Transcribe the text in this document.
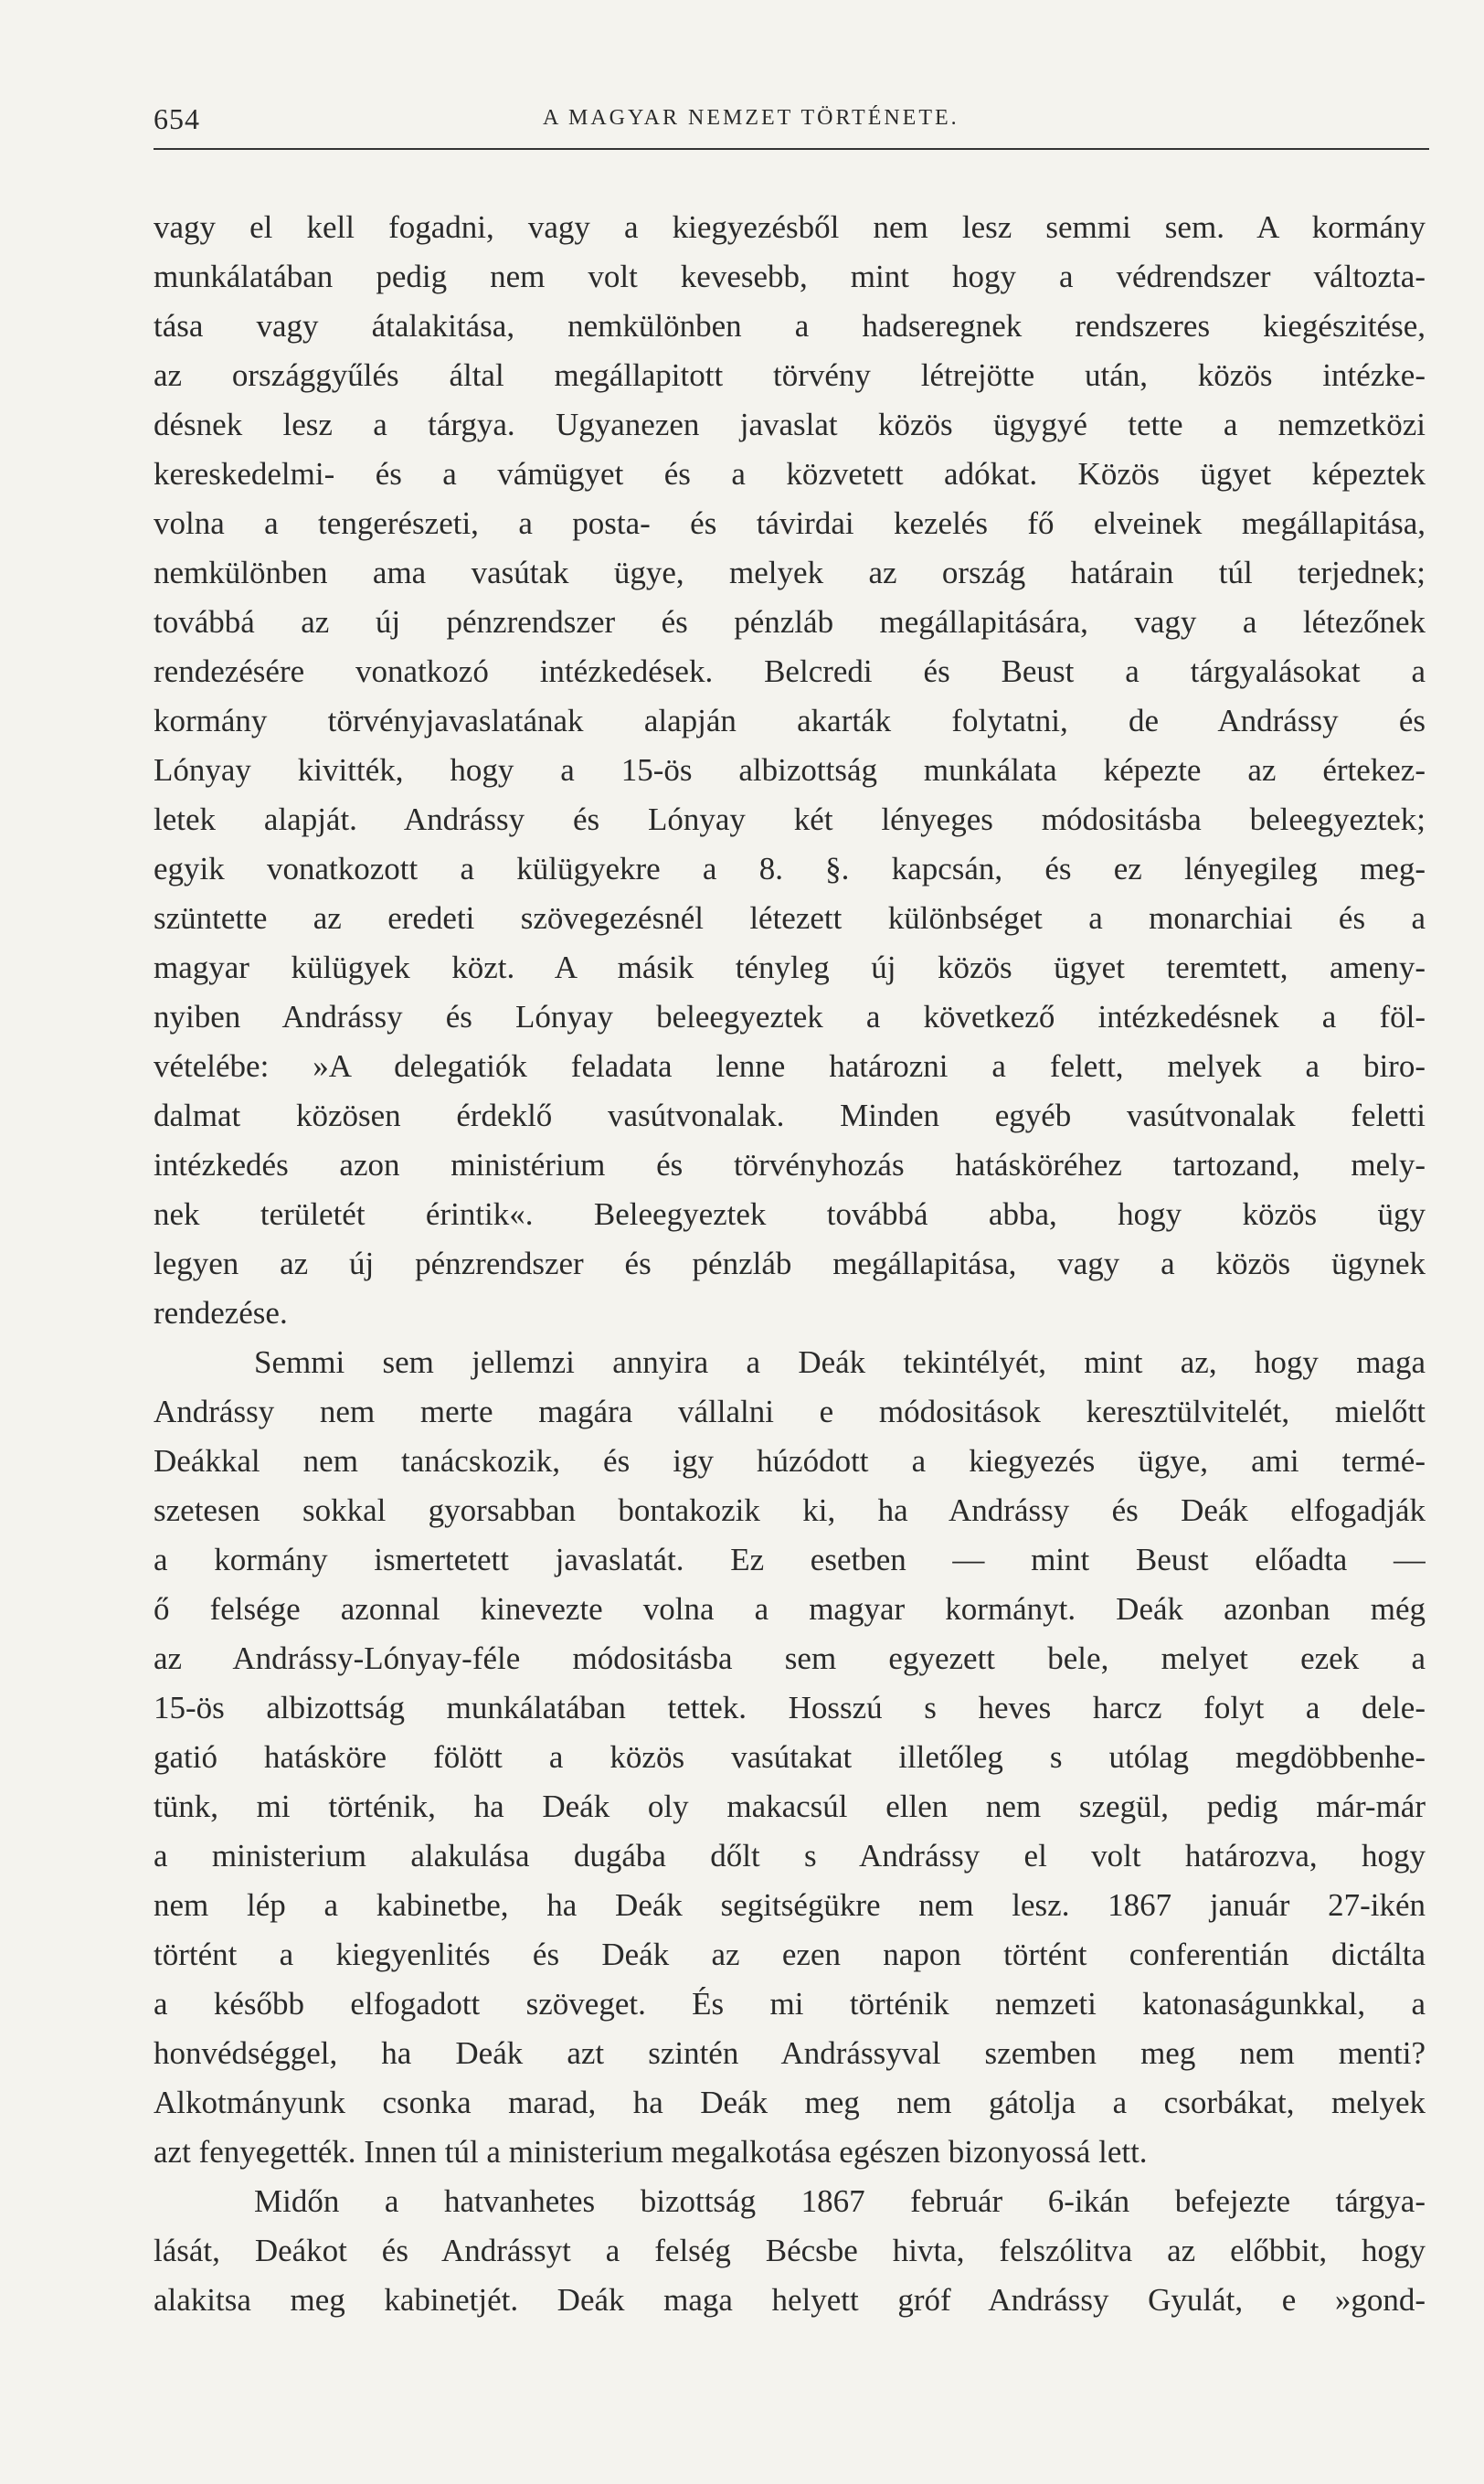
654	A MAGYAR NEMZET TÖRTÉNETE.
vagy el kell fogadni, vagy a kiegyezésből nem lesz semmi sem. A kormány
munkálatában pedig nem volt kevesebb, mint hogy a védrendszer változta-
tása vagy átalakitása, nemkülönben a hadseregnek rendszeres kiegészitése,
az országgyűlés által megállapitott törvény létrejötte után, közös intézke-
désnek lesz a tárgya. Ugyanezen javaslat közös ügygyé tette a nemzetközi
kereskedelmi- és a vámügyet és a közvetett adókat. Közös ügyet képeztek
volna a tengerészeti, a posta- és távirdai kezelés fő elveinek megállapitása,
nemkülönben ama vasútak ügye, melyek az ország határain túl terjednek;
továbbá az új pénzrendszer és pénzláb megállapitására, vagy a létezőnek
rendezésére vonatkozó intézkedések. Belcredi és Beust a tárgyalásokat a
kormány törvényjavaslatának alapján akarták folytatni, de Andrássy és
Lónyay kivitték, hogy a 15-ös albizottság munkálata képezte az értekez-
letek alapját. Andrássy és Lónyay két lényeges módositásba beleegyeztek;
egyik vonatkozott a külügyekre a 8. §. kapcsán, és ez lényegileg meg-
szüntette az eredeti szövegezésnél létezett különbséget a monarchiai és a
magyar külügyek közt. A másik tényleg új közös ügyet teremtett, ameny-
nyiben Andrássy és Lónyay beleegyeztek a következő intézkedésnek a föl-
vételébe: »A delegatiók feladata lenne határozni a felett, melyek a biro-
dalmat közösen érdeklő vasútvonalak. Minden egyéb vasútvonalak feletti
intézkedés azon ministérium és törvényhozás hatásköréhez tartozand, mely-
nek területét érintik«. Beleegyeztek továbbá abba, hogy közös ügy
legyen az új pénzrendszer és pénzláb megállapitása, vagy a közös ügynek
rendezése.
Semmi sem jellemzi annyira a Deák tekintélyét, mint az, hogy maga
Andrássy nem merte magára vállalni e módositások keresztülvitelét, mielőtt
Deákkal nem tanácskozik, és igy húzódott a kiegyezés ügye, ami termé-
szetesen sokkal gyorsabban bontakozik ki, ha Andrássy és Deák elfogadják
a kormány ismertetett javaslatát. Ez esetben — mint Beust előadta —
ő felsége azonnal kinevezte volna a magyar kormányt. Deák azonban még
az Andrássy-Lónyay-féle módositásba sem egyezett bele, melyet ezek a
15-ös albizottság munkálatában tettek. Hosszú s heves harcz folyt a dele-
gatió hatásköre fölött a közös vasútakat illetőleg s utólag megdöbbenhe-
tünk, mi történik, ha Deák oly makacsúl ellen nem szegül, pedig már-már
a ministerium alakulása dugába dőlt s Andrássy el volt határozva, hogy
nem lép a kabinetbe, ha Deák segitségükre nem lesz. 1867 január 27-ikén
történt a kiegyenlités és Deák az ezen napon történt conferentián dictálta
a később elfogadott szöveget. És mi történik nemzeti katonaságunkkal, a
honvédséggel, ha Deák azt szintén Andrássyval szemben meg nem menti?
Alkotmányunk csonka marad, ha Deák meg nem gátolja a csorbákat, melyek
azt fenyegették. Innen túl a ministerium megalkotása egészen bizonyossá lett.
Midőn a hatvanhetes bizottság 1867 február 6-ikán befejezte tárgya-
lását, Deákot és Andrássyt a felség Bécsbe hivta, felszólitva az előbbit, hogy
alakitsa meg kabinetjét. Deák maga helyett gróf Andrássy Gyulát, e »gond-
